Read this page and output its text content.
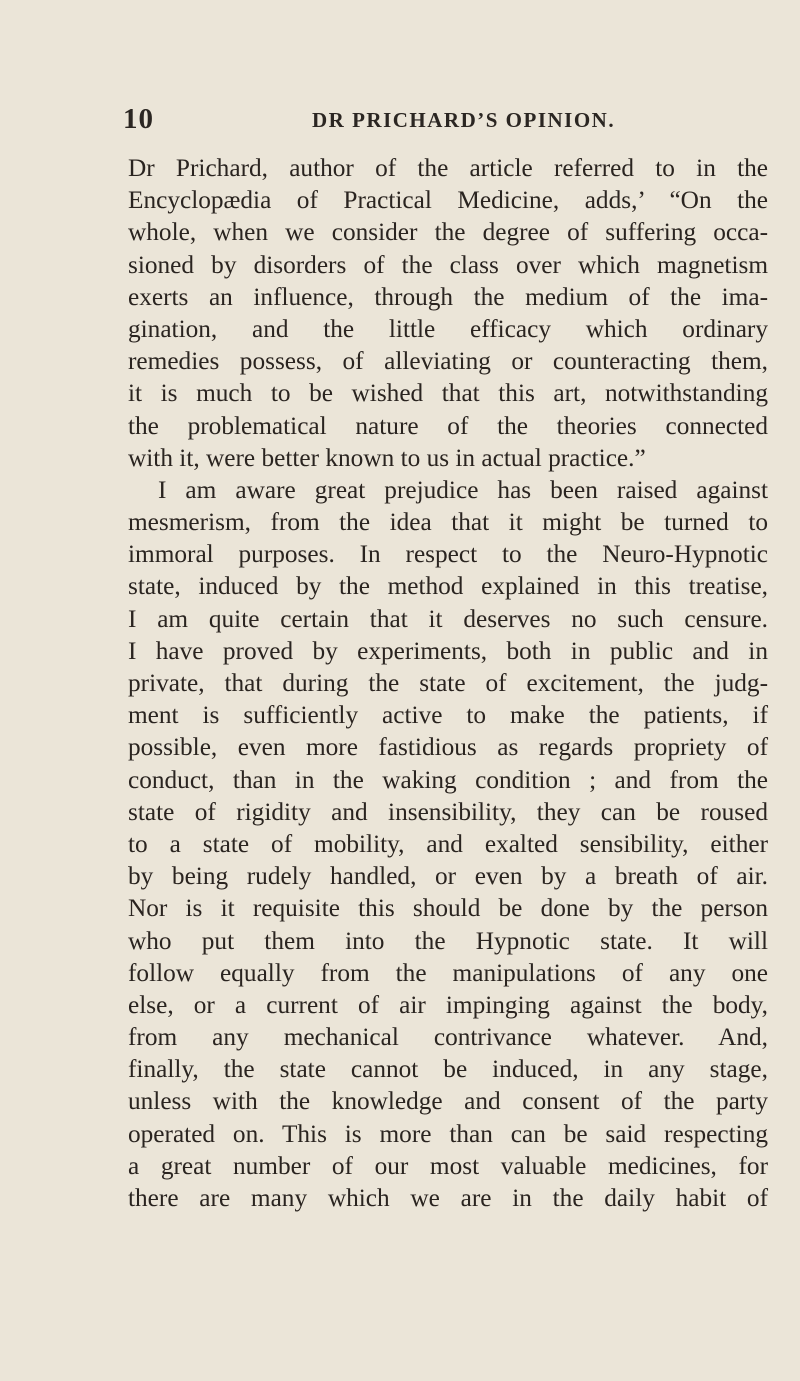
10	DR PRICHARD’S OPINION.
Dr Prichard, author of the article referred to in the
Encyclopædia of Practical Medicine, adds,’ “On the
whole, when we consider the degree of suffering occa-
sioned by disorders of the class over which magnetism
exerts an influence, through the medium of the ima-
gination, and the little efficacy which ordinary
remedies possess, of alleviating or counteracting them,
it is much to be wished that this art, notwithstanding
the problematical nature of the theories connected
with it, were better known to us in actual practice.”
I am aware great prejudice has been raised against
mesmerism, from the idea that it might be turned to
immoral purposes. In respect to the Neuro-Hypnotic
state, induced by the method explained in this treatise,
I am quite certain that it deserves no such censure.
I have proved by experiments, both in public and in
private, that during the state of excitement, the judg-
ment is sufficiently active to make the patients, if
possible, even more fastidious as regards propriety of
conduct, than in the waking condition ; and from the
state of rigidity and insensibility, they can be roused
to a state of mobility, and exalted sensibility, either
by being rudely handled, or even by a breath of air.
Nor is it requisite this should be done by the person
who put them into the Hypnotic state. It will
follow equally from the manipulations of any one
else, or a current of air impinging against the body,
from any mechanical contrivance whatever. And,
finally, the state cannot be induced, in any stage,
unless with the knowledge and consent of the party
operated on. This is more than can be said respecting
a great number of our most valuable medicines, for
there are many which we are in the daily habit of
